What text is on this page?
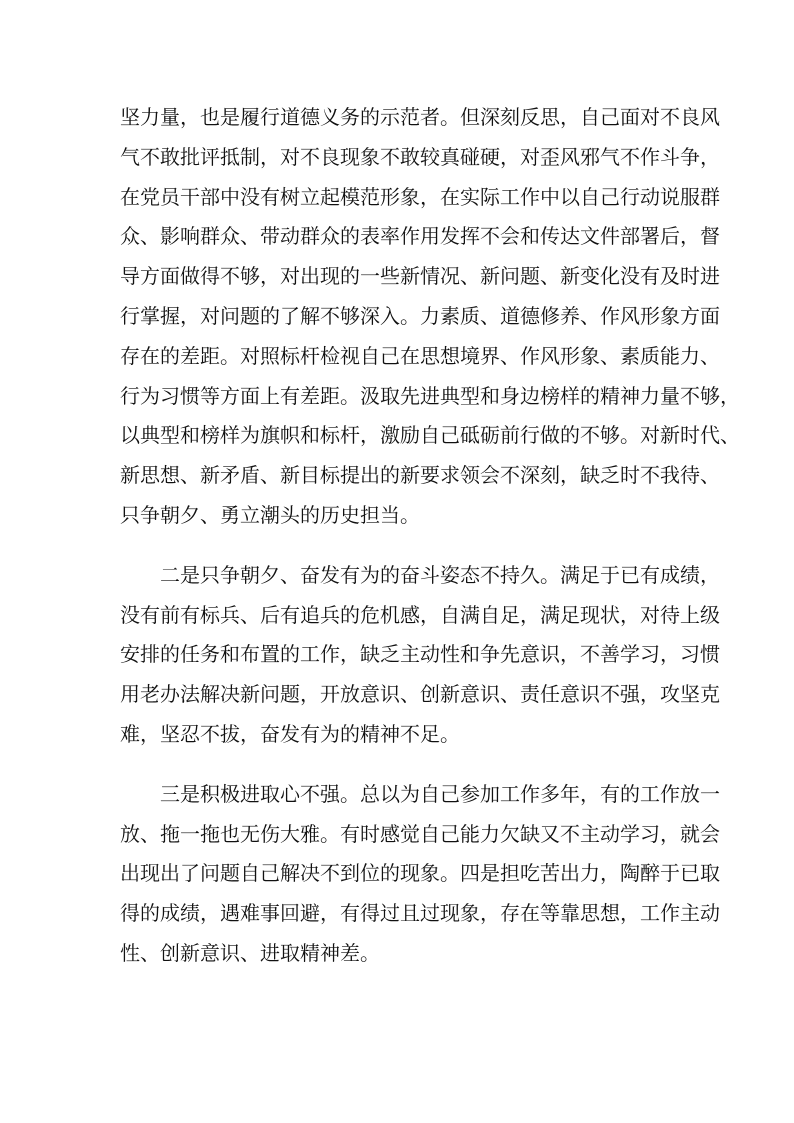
坚力量，也是履行道德义务的示范者。但深刻反思，自己面对不良风
气不敢批评抵制，对不良现象不敢较真碰硬，对歪风邪气不作斗争，
在党员干部中没有树立起模范形象，在实际工作中以自己行动说服群
众、影响群众、带动群众的表率作用发挥不会和传达文件部署后，督
导方面做得不够，对出现的一些新情况、新问题、新变化没有及时进
行掌握，对问题的了解不够深入。力素质、道德修养、作风形象方面
存在的差距。对照标杆检视自己在思想境界、作风形象、素质能力、
行为习惯等方面上有差距。汲取先进典型和身边榜样的精神力量不够，
以典型和榜样为旗帜和标杆，激励自己砥砺前行做的不够。对新时代、
新思想、新矛盾、新目标提出的新要求领会不深刻，缺乏时不我待、
只争朝夕、勇立潮头的历史担当。
二是只争朝夕、奋发有为的奋斗姿态不持久。满足于已有成绩，
没有前有标兵、后有追兵的危机感，自满自足，满足现状，对待上级
安排的任务和布置的工作，缺乏主动性和争先意识，不善学习，习惯
用老办法解决新问题，开放意识、创新意识、责任意识不强，攻坚克
难，坚忍不拔，奋发有为的精神不足。
三是积极进取心不强。总以为自己参加工作多年，有的工作放一
放、拖一拖也无伤大雅。有时感觉自己能力欠缺又不主动学习，就会
出现出了问题自己解决不到位的现象。四是担吃苦出力，陶醉于已取
得的成绩，遇难事回避，有得过且过现象，存在等靠思想，工作主动
性、创新意识、进取精神差。
